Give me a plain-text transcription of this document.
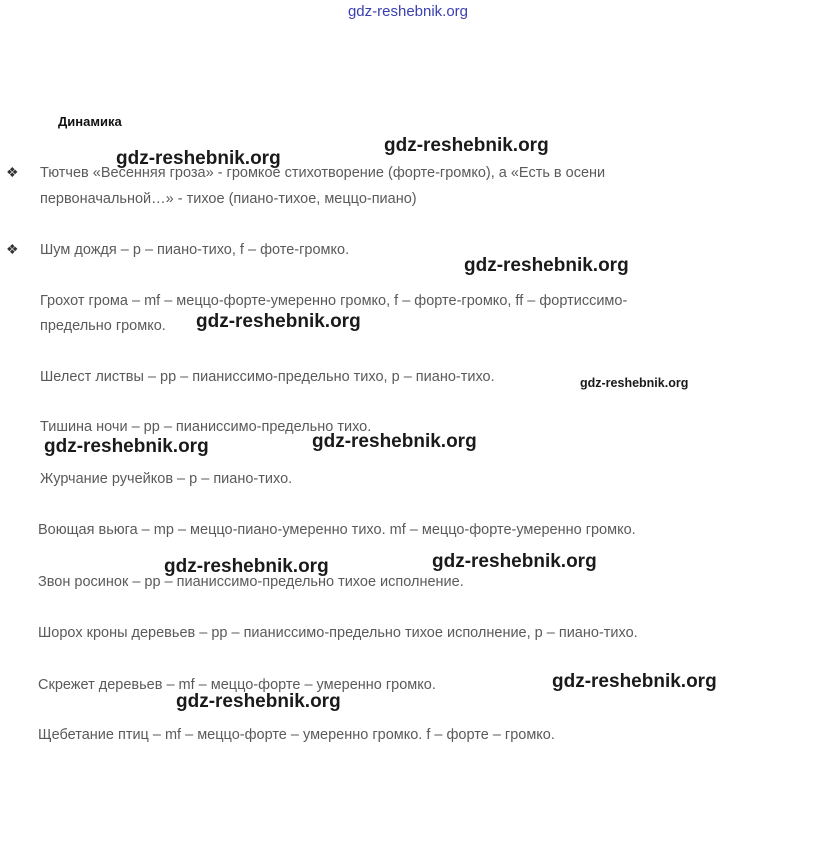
gdz-reshebnik.org
Динамика
❖
❖
Тютчев «Весенняя гроза» - громкое стихотворение (форте-громко), а «Есть в осени
первоначальной…» - тихое (пиано-тихое, меццо-пиано)
Шум дождя – p – пиано-тихо, f – фоте-громко.
Грохот грома – mf – меццо-форте-умеренно громко, f – форте-громко, ff – фортиссимо-
предельно громко.
Шелест листвы – pp – пианиссимо-предельно тихо, p – пиано-тихо.
Тишина ночи – pp – пианиссимо-предельно тихо.
Журчание ручейков – p – пиано-тихо.
Воющая вьюга – mp – меццо-пиано-умеренно тихо. mf – меццо-форте-умеренно громко.
Звон росинок – pp – пианиссимо-предельно тихое исполнение.
Шорох кроны деревьев – pp – пианиссимо-предельно тихое исполнение, p – пиано-тихо.
Скрежет деревьев – mf – меццо-форте – умеренно громко.
Щебетание птиц – mf – меццо-форте – умеренно громко. f – форте – громко.
gdz-reshebnik.org
gdz-reshebnik.org
gdz-reshebnik.org
gdz-reshebnik.org
gdz-reshebnik.org
gdz-reshebnik.org	gdz-reshebnik.org
gdz-reshebnik.org	gdz-reshebnik.org
gdz-reshebnik.org
gdz-reshebnik.org
